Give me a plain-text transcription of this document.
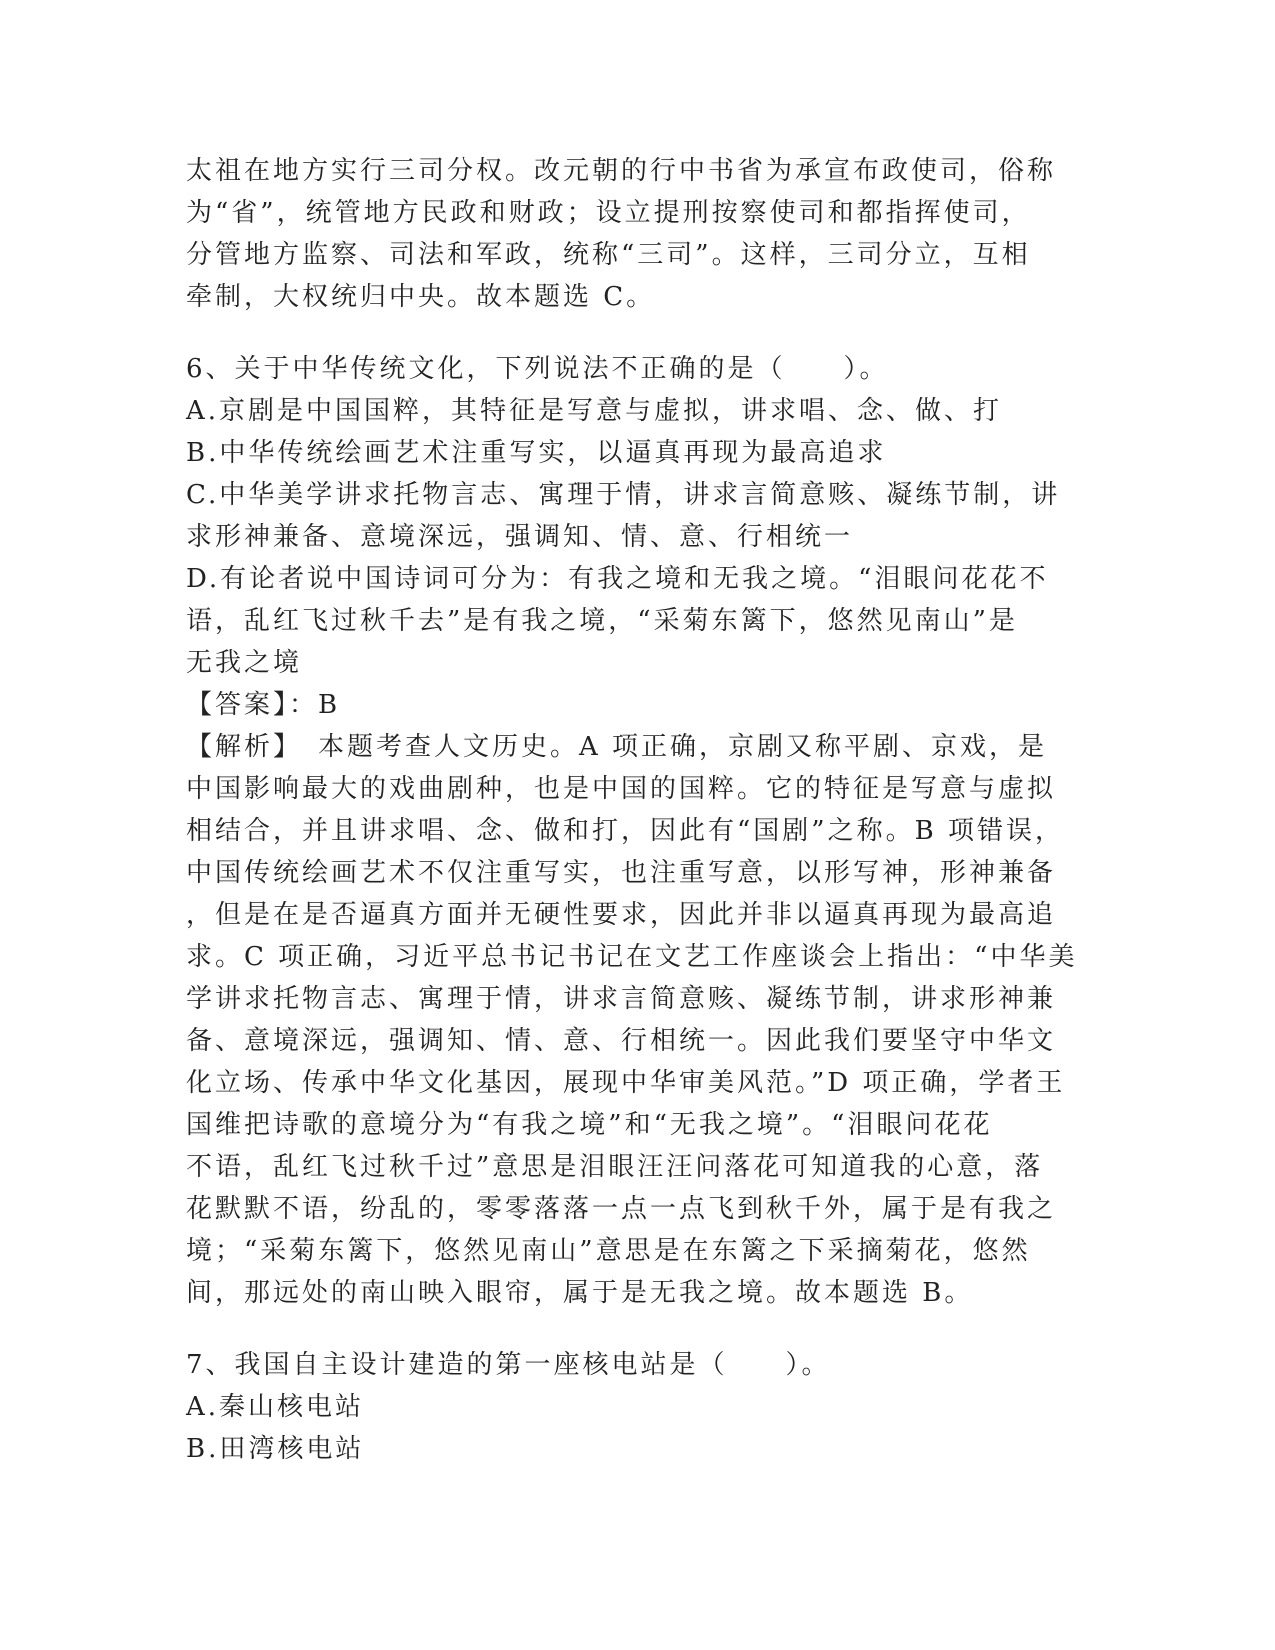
太祖在地方实行三司分权。改元朝的行中书省为承宣布政使司，俗称
为“省”，统管地方民政和财政；设立提刑按察使司和都指挥使司，
分管地方监察、司法和军政，统称“三司”。这样，三司分立，互相
牵制，大权统归中央。故本题选 C。
6、关于中华传统文化，下列说法不正确的是（　　）。
A.京剧是中国国粹，其特征是写意与虚拟，讲求唱、念、做、打
B.中华传统绘画艺术注重写实，以逼真再现为最高追求
C.中华美学讲求托物言志、寓理于情，讲求言简意赅、凝练节制，讲
求形神兼备、意境深远，强调知、情、意、行相统一
D.有论者说中国诗词可分为：有我之境和无我之境。“泪眼问花花不
语，乱红飞过秋千去”是有我之境，“采菊东篱下，悠然见南山”是
无我之境
【答案】：B
【解析】　本题考查人文历史。A 项正确，京剧又称平剧、京戏，是
中国影响最大的戏曲剧种，也是中国的国粹。它的特征是写意与虚拟
相结合，并且讲求唱、念、做和打，因此有“国剧”之称。B 项错误，
中国传统绘画艺术不仅注重写实，也注重写意，以形写神，形神兼备
，但是在是否逼真方面并无硬性要求，因此并非以逼真再现为最高追
求。C 项正确，习近平总书记书记在文艺工作座谈会上指出：“中华美
学讲求托物言志、寓理于情，讲求言简意赅、凝练节制，讲求形神兼
备、意境深远，强调知、情、意、行相统一。因此我们要坚守中华文
化立场、传承中华文化基因，展现中华审美风范。”D 项正确，学者王
国维把诗歌的意境分为“有我之境”和“无我之境”。“泪眼问花花
不语，乱红飞过秋千过”意思是泪眼汪汪问落花可知道我的心意，落
花默默不语，纷乱的，零零落落一点一点飞到秋千外，属于是有我之
境；“采菊东篱下，悠然见南山”意思是在东篱之下采摘菊花，悠然
间，那远处的南山映入眼帘，属于是无我之境。故本题选 B。
7、我国自主设计建造的第一座核电站是（　　）。
A.秦山核电站
B.田湾核电站
